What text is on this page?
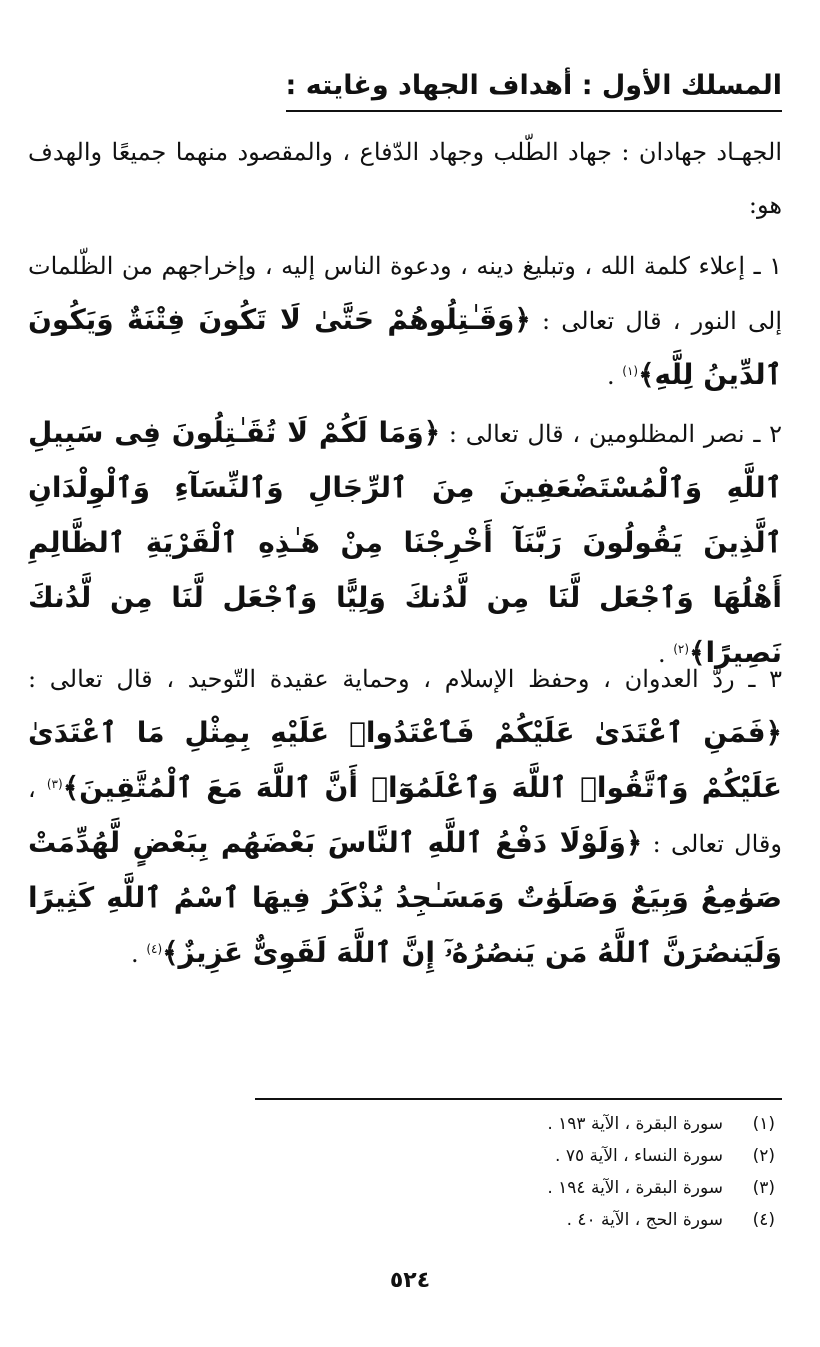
المسلك الأول : أهداف الجهاد وغايته :

الجهـاد جهادان : جهاد الطّلب وجهاد الدّفاع ، والمقصود منهما جميعًا والهدف هو:

١ ـ إعلاء كلمة الله ، وتبليغ دينه ، ودعوة الناس إليه ، وإخراجهم من الظّلمات إلى النور ، قال تعالى : ﴿وَقَـٰتِلُوهُمْ حَتَّىٰ لَا تَكُونَ فِتْنَةٌ وَيَكُونَ ٱلدِّينُ لِلَّهِ﴾$^{(١)}$ .

٢ ـ نصر المظلومين ، قال تعالى : ﴿وَمَا لَكُمْ لَا تُقَـٰتِلُونَ فِى سَبِيلِ ٱللَّهِ وَٱلْمُسْتَضْعَفِينَ مِنَ ٱلرِّجَالِ وَٱلنِّسَآءِ وَٱلْوِلْدَانِ ٱلَّذِينَ يَقُولُونَ رَبَّنَآ أَخْرِجْنَا مِنْ هَـٰذِهِ ٱلْقَرْيَةِ ٱلظَّالِمِ أَهْلُهَا وَٱجْعَل لَّنَا مِن لَّدُنكَ وَلِيًّا وَٱجْعَل لَّنَا مِن لَّدُنكَ نَصِيرًا﴾$^{(٢)}$ .

٣ ـ ردّ العدوان ، وحفظ الإسلام ، وحماية عقيدة التّوحيد ، قال تعالى : ﴿فَمَنِ ٱعْتَدَىٰ عَلَيْكُمْ فَٱعْتَدُوا۟ عَلَيْهِ بِمِثْلِ مَا ٱعْتَدَىٰ عَلَيْكُمْ وَٱتَّقُوا۟ ٱللَّهَ وَٱعْلَمُوٓا۟ أَنَّ ٱللَّهَ مَعَ ٱلْمُتَّقِينَ﴾$^{(٣)}$ ، وقال تعالى : ﴿وَلَوْلَا دَفْعُ ٱللَّهِ ٱلنَّاسَ بَعْضَهُم بِبَعْضٍ لَّهُدِّمَتْ صَوَٰمِعُ وَبِيَعٌ وَصَلَوَٰتٌ وَمَسَـٰجِدُ يُذْكَرُ فِيهَا ٱسْمُ ٱللَّهِ كَثِيرًا وَلَيَنصُرَنَّ ٱللَّهُ مَن يَنصُرُهُۥٓ إِنَّ ٱللَّهَ لَقَوِىٌّ عَزِيزٌ﴾$^{(٤)}$ .

(١)سورة البقرة ، الآية ١٩٣ .
(٢)سورة النساء ، الآية ٧٥ .
(٣)سورة البقرة ، الآية ١٩٤ .
(٤)سورة الحج ، الآية ٤٠ .
٥٢٤
